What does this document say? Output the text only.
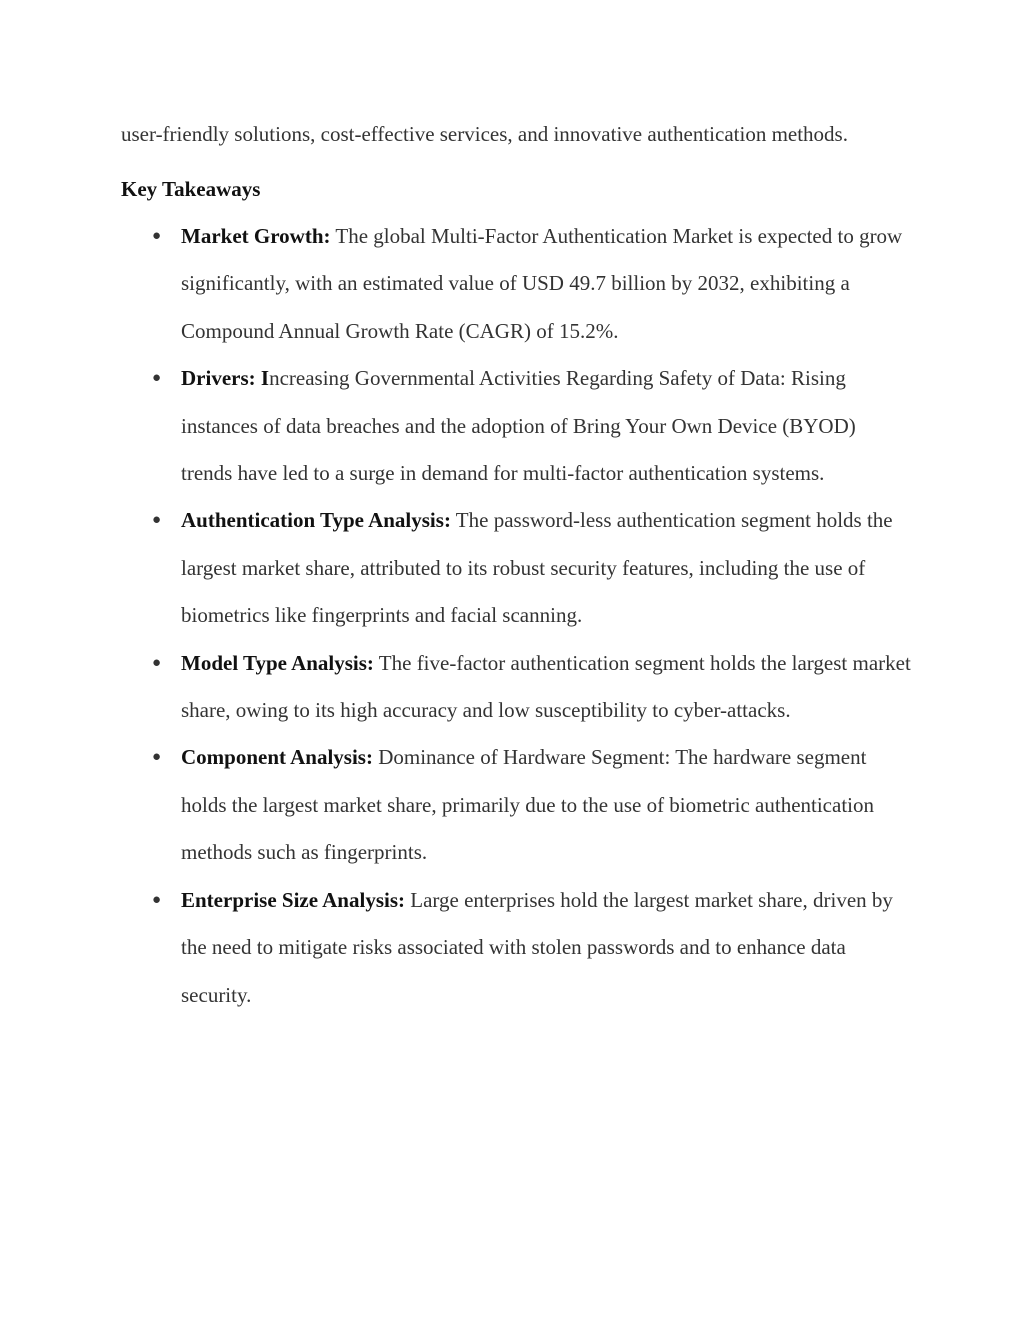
user-friendly solutions, cost-effective services, and innovative authentication methods.

Key Takeaways
● Market Growth: The global Multi-Factor Authentication Market is expected to grow significantly, with an estimated value of USD 49.7 billion by 2032, exhibiting a Compound Annual Growth Rate (CAGR) of 15.2%.
● Drivers: Increasing Governmental Activities Regarding Safety of Data: Rising instances of data breaches and the adoption of Bring Your Own Device (BYOD) trends have led to a surge in demand for multi-factor authentication systems.
● Authentication Type Analysis: The password-less authentication segment holds the largest market share, attributed to its robust security features, including the use of biometrics like fingerprints and facial scanning.
● Model Type Analysis: The five-factor authentication segment holds the largest market share, owing to its high accuracy and low susceptibility to cyber-attacks.
● Component Analysis: Dominance of Hardware Segment: The hardware segment holds the largest market share, primarily due to the use of biometric authentication methods such as fingerprints.
● Enterprise Size Analysis: Large enterprises hold the largest market share, driven by the need to mitigate risks associated with stolen passwords and to enhance data security.
